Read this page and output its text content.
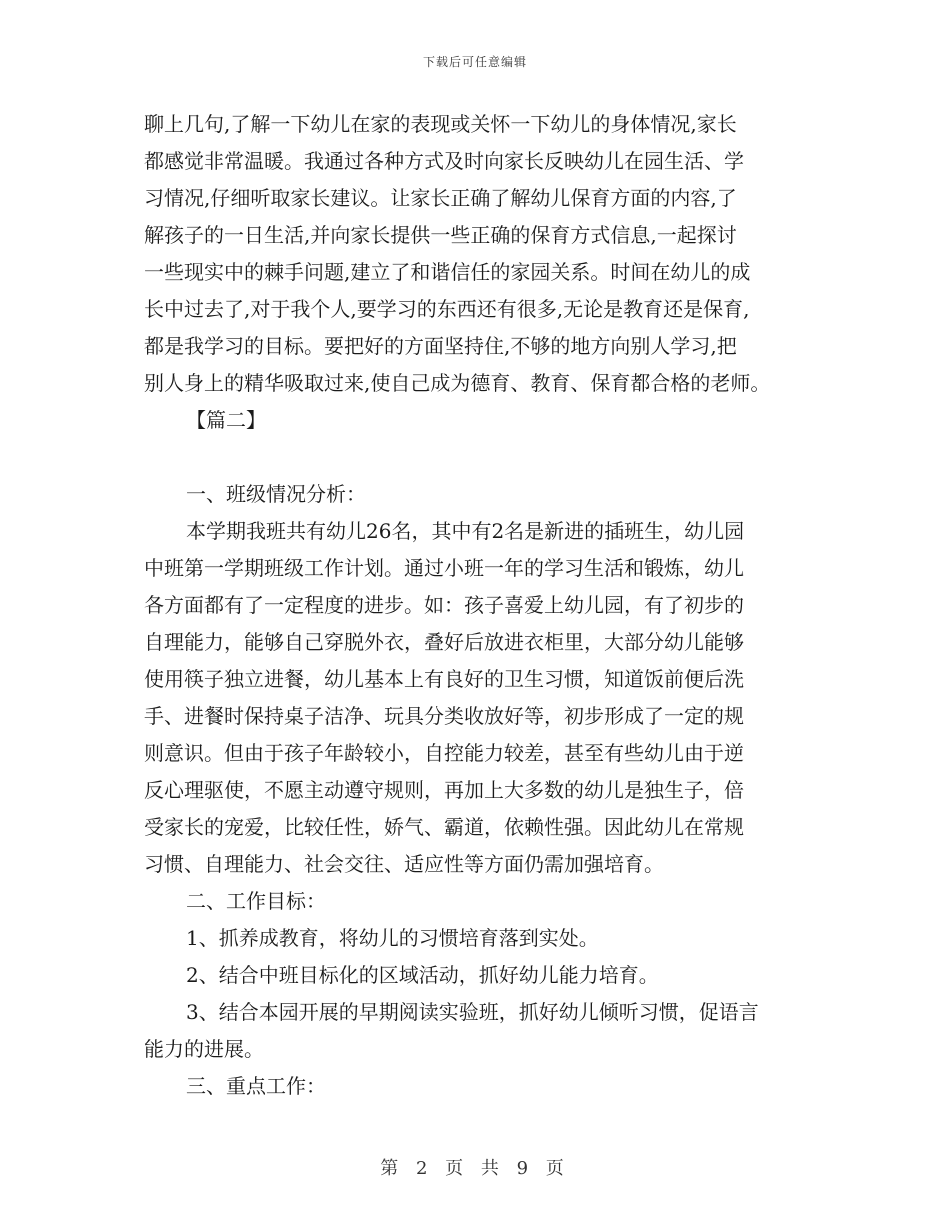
下载后可任意编辑
聊上几句,了解一下幼儿在家的表现或关怀一下幼儿的身体情况,家长
都感觉非常温暖。我通过各种方式及时向家长反映幼儿在园生活、学
习情况,仔细听取家长建议。让家长正确了解幼儿保育方面的内容,了
解孩子的一日生活,并向家长提供一些正确的保育方式信息,一起探讨
一些现实中的棘手问题,建立了和谐信任的家园关系。时间在幼儿的成
长中过去了,对于我个人,要学习的东西还有很多,无论是教育还是保育,
都是我学习的目标。要把好的方面坚持住,不够的地方向别人学习,把
别人身上的精华吸取过来,使自己成为德育、教育、保育都合格的老师。
【篇二】
一、班级情况分析：
本学期我班共有幼儿26名，其中有2名是新进的插班生，幼儿园
中班第一学期班级工作计划。通过小班一年的学习生活和锻炼，幼儿
各方面都有了一定程度的进步。如：孩子喜爱上幼儿园，有了初步的
自理能力，能够自己穿脱外衣，叠好后放进衣柜里，大部分幼儿能够
使用筷子独立进餐，幼儿基本上有良好的卫生习惯，知道饭前便后洗
手、进餐时保持桌子洁净、玩具分类收放好等，初步形成了一定的规
则意识。但由于孩子年龄较小，自控能力较差，甚至有些幼儿由于逆
反心理驱使，不愿主动遵守规则，再加上大多数的幼儿是独生子，倍
受家长的宠爱，比较任性，娇气、霸道，依赖性强。因此幼儿在常规
习惯、自理能力、社会交往、适应性等方面仍需加强培育。
二、工作目标：
1、抓养成教育，将幼儿的习惯培育落到实处。
2、结合中班目标化的区域活动，抓好幼儿能力培育。
3、结合本园开展的早期阅读实验班，抓好幼儿倾听习惯，促语言
能力的进展。
三、重点工作：
第 2 页 共 9 页
